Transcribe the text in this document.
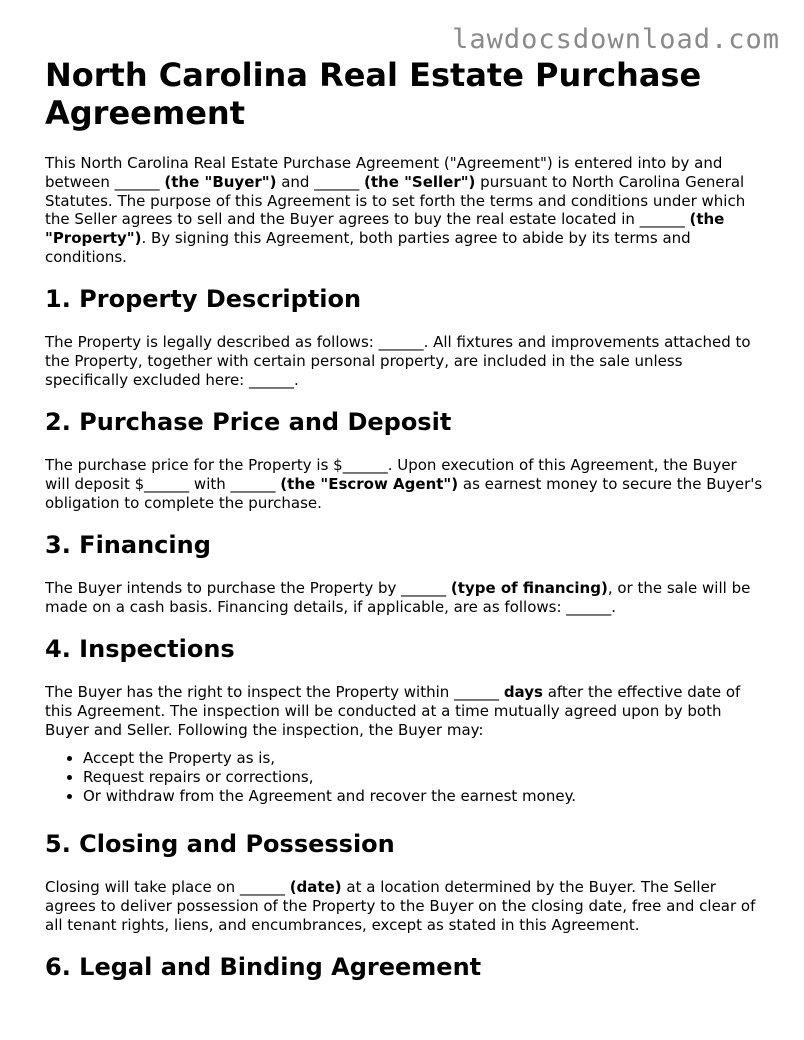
lawdocsdownload.com
North Carolina Real Estate Purchase Agreement

This North Carolina Real Estate Purchase Agreement ("Agreement") is entered into by and between ______ (the "Buyer") and ______ (the "Seller") pursuant to North Carolina General Statutes. The purpose of this Agreement is to set forth the terms and conditions under which the Seller agrees to sell and the Buyer agrees to buy the real estate located in ______ (the "Property"). By signing this Agreement, both parties agree to abide by its terms and conditions.

1. Property Description

The Property is legally described as follows: ______. All fixtures and improvements attached to the Property, together with certain personal property, are included in the sale unless specifically excluded here: ______.

2. Purchase Price and Deposit

The purchase price for the Property is $______. Upon execution of this Agreement, the Buyer will deposit $______ with ______ (the "Escrow Agent") as earnest money to secure the Buyer's obligation to complete the purchase.

3. Financing

The Buyer intends to purchase the Property by ______ (type of financing), or the sale will be made on a cash basis. Financing details, if applicable, are as follows: ______.

4. Inspections

The Buyer has the right to inspect the Property within ______ days after the effective date of this Agreement. The inspection will be conducted at a time mutually agreed upon by both Buyer and Seller. Following the inspection, the Buyer may:

• Accept the Property as is,
• Request repairs or corrections,
• Or withdraw from the Agreement and recover the earnest money.
5. Closing and Possession

Closing will take place on ______ (date) at a location determined by the Buyer. The Seller agrees to deliver possession of the Property to the Buyer on the closing date, free and clear of all tenant rights, liens, and encumbrances, except as stated in this Agreement.

6. Legal and Binding Agreement
